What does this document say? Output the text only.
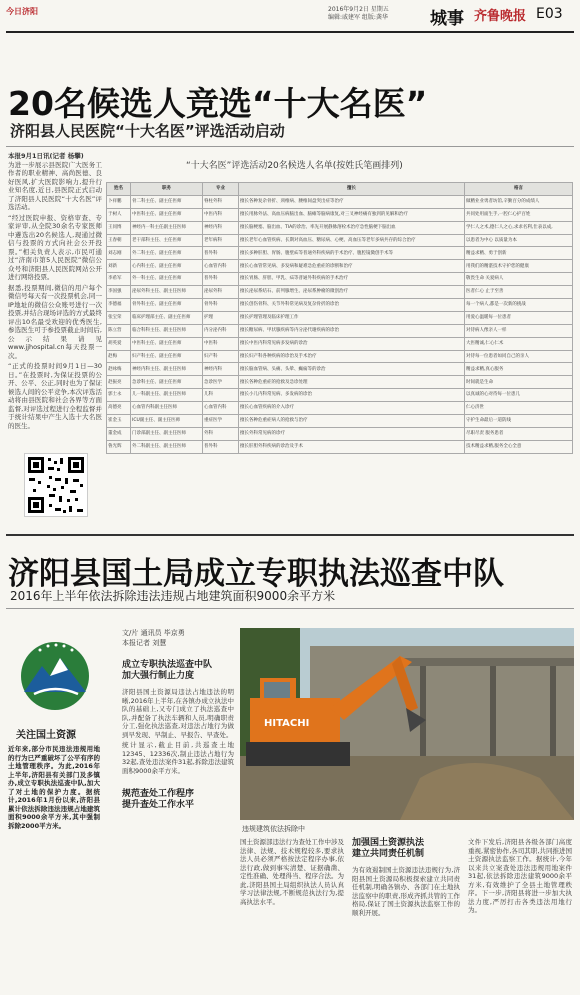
今日济阳	2016年9月2日 星期五
编辑:戚建军 组版:龚华 城事 齐鲁晚报 E03
20名候选人竞选“十大名医”
济阳县人民医院“十大名医”评选活动启动
本报9月1日讯(记者 杨攀)
为进一步展示县医院广大医务工作者的职业精神、高尚医德、良好医风,扩大医院影响力,提升行业知名度,近日,县医院正式启动了济阳县人民医院“十大名医”评选活动。
“经过医院申报、资格审查、专家评审,从全院30余名专家医师中遴选出20名候选人,现通过微信与投票的方式向社会公开投票。”相关负责人表示,市民可通过“济南市第5人民医院”微信公众号和济阳县人民医院网站公开进行网络投票。
据悉,投票期间,微信的用户每个微信号每天有一次投票机会,同一IP地址的微信公众账号进行一次投票,并结合现场评选的方式最终评出10名最受欢迎的优秀医生,参选医生可于参投票截止时间后,公示结果请见www.jjhospital.cn每天投票一次。
“正式的投票时间9月1日—30日。”在投票时,为保证投票的公开、公平、公正,同时也为了保证候选人间的公平竞争,本次评选活动将由县医院和社会各界等方面监督,对评选过程进行全程监督并于统计结果中产生入选十大名医的医生。
“十大名医”评选活动20名候选人名单(按姓氏笔画排列)
姓名	职务	专业	擅长	格言
卜祥鹏	骨二科主任、副主任医师	脊柱外科	擅长各种复杂骨折、颈椎病、腰椎间盘突出症等治疗	做精业业勇者坊馆,辛勤百分的成绩人
于树人	中医科主任、副主任医师	中医内科	擅长用脉外法、高血压病脑出血、脑瘫等脑病康复,对三叉神经痛有独到的见解和治疗	共同处用面生手,一腔仁心护百姓
王同博	神经内一科主任副主任医师	神经内科	擅长脑梗塞、脑出血、TIA的诊治、率先开展静脉溶栓术治疗急性脑梗下脑出血	学仁人之术,德仁人之心,求求名利,仕表以成,
王春朝	老干部科主任、主任医师	老年病科	擅长老年心血管疾病、长期对高血压、糖尿病、心梗、高血压等老年多病共存的综合治疗	以患者为中心 以质量为本
刘志刚	外二科主任、副主任医师	普外科	擅长多种肝胆、胃肠、腹壁疝等普通外科疾病的手术治疗、腹腔镜微创手术等	精益求精、勇于创新
刘新	心内科主任、副主任医师	心血管内科	擅长心血管常见病、多发病和疑难急危重症的诊断和治疗	用我们的精湛技术守护您的健康
李希军	外一科主任、副主任医师	普外科	擅长胃肠、肝胆、甲乳、疝等普通外科疾病的手术治疗	敬畏生命 关爱病人
李国强	泌尿外科主任、副主任医师	泌尿外科	擅长泌尿系结石、前列腺增生、泌尿系肿瘤的微创治疗	医者仁心 止于至善
李德福	骨外科主任、副主任医师	骨外科	擅长创伤骨科、关节外科常见病及复杂骨折的诊治	每一个病人,都是一次新的挑战
张宝荣	临床护理部主任、副主任医师	护理	擅长护理管理及临床护理工作	用爱心温暖每一位患者
陈立营	临合科科主任、副主任医师	内分泌内科	擅长糖尿病、甲状腺疾病等内分泌代谢疾病的诊治	对待病人像亲人一样
胡英爱	中医科主任、副主任医师	中医科	擅长中医内科常见病多发病的诊治	大医精诚,仁心仁术
赵梅	妇产科主任、副主任医师	妇产科	擅长妇产科各种疾病的诊治及手术治疗	对待每一位患者如同自己的亲人
赵咏梅	神经内科主任、副主任医师	神经内科	擅长脑血管病、头痛、头晕、癫痫等的诊治	精益求精,真心服务
赵振亮	急诊科主任、副主任医师	急诊医学	擅长各种危重症的抢救及急诊处理	时间就是生命
郭士永	儿一科副主任、副主任医师	儿科	擅长小儿内科常见病、多发病的诊治	以真诚的心对待每一位患儿
高德亮	心血管内科副主任医师	心血管内科	擅长心血管疾病的介入诊疗	仁心济世
崔金玉	ICU副主任、副主任医师	重症医学	擅长各种危重症病人的抢救与治疗	守护生命最后一道防线
董金成	门诊部副主任、副主任医师	外科	擅长外科常见病的诊疗	尽职尽责 服务患者
鲁光辉	外二科副主任、副主任医师	普外科	擅长肝胆外科疾病的诊治及手术	技术精益求精,服务全心全意
济阳县国土局成立专职执法巡查中队
2016年上半年依法拆除违法违规占地建筑面积9000余平方米
关注国土资源
近年来,部分市民违法违规用地的行为已严重破坏了公平有序的土地管理秩序。为此,2016年上半年,济阳县有关部门及多镇办,成立专职执法巡查中队,加大了对土地的保护力度。据统计,2016年1月份以来,济阳县累计依法拆除违法违规占地建筑面积9000余平方米,其中强制拆除2000平方米。
文/片 通讯员 毕京勇
本报记者 刘慧
成立专职执法巡查中队
加大强行制止力度
济阳县国土资源局违法占地违法的明晰,2016年上半年,在各镇办成立执法中队的基础上,又专门成立了执法巡查中队,并配备了执法车辆和人员,明确职责分工,强化执法巡查,对违法占地行为做到早发现、早制止、早报告、早查处。
统计显示,截止目前,共巡查土地12345、12336次,制止违法占地行为32起,查处违法案件31起,拆除违法建筑面积9000余平方米。
规范查处工作程序
提升查处工作水平
HITACHI
违规建筑依法拆除中
国土资源部违法行为查处工作中涉及法律、法规、技术规程较多,要求执法人员必须严格按法定程序办事,依法行政,做到事实清楚、证据确凿、定性准确、处理得当、程序合法。为此,济阳县国土局组织执法人员认真学习法律法规,不断规范执法行为,提高执法水平。
加强国土资源执法
建立共同责任机制
为有效遏制国土资源违法违规行为,济阳县国土资源局积极探索建立共同责任机制,明确各镇办、各部门在土地执法监察中的职责,形成齐抓共管的工作格局,保证了国土资源执法监察工作的顺利开展。
文件下发后,济阳县各级各部门高度重视,紧密协作,各司其职,共同推进国土资源执法监察工作。据统计,今年以来共立案查处违法违规用地案件31起,依法拆除违法建筑9000余平方米,有效维护了全县土地管理秩序。下一步,济阳县将进一步加大执法力度,严厉打击各类违法用地行为。
